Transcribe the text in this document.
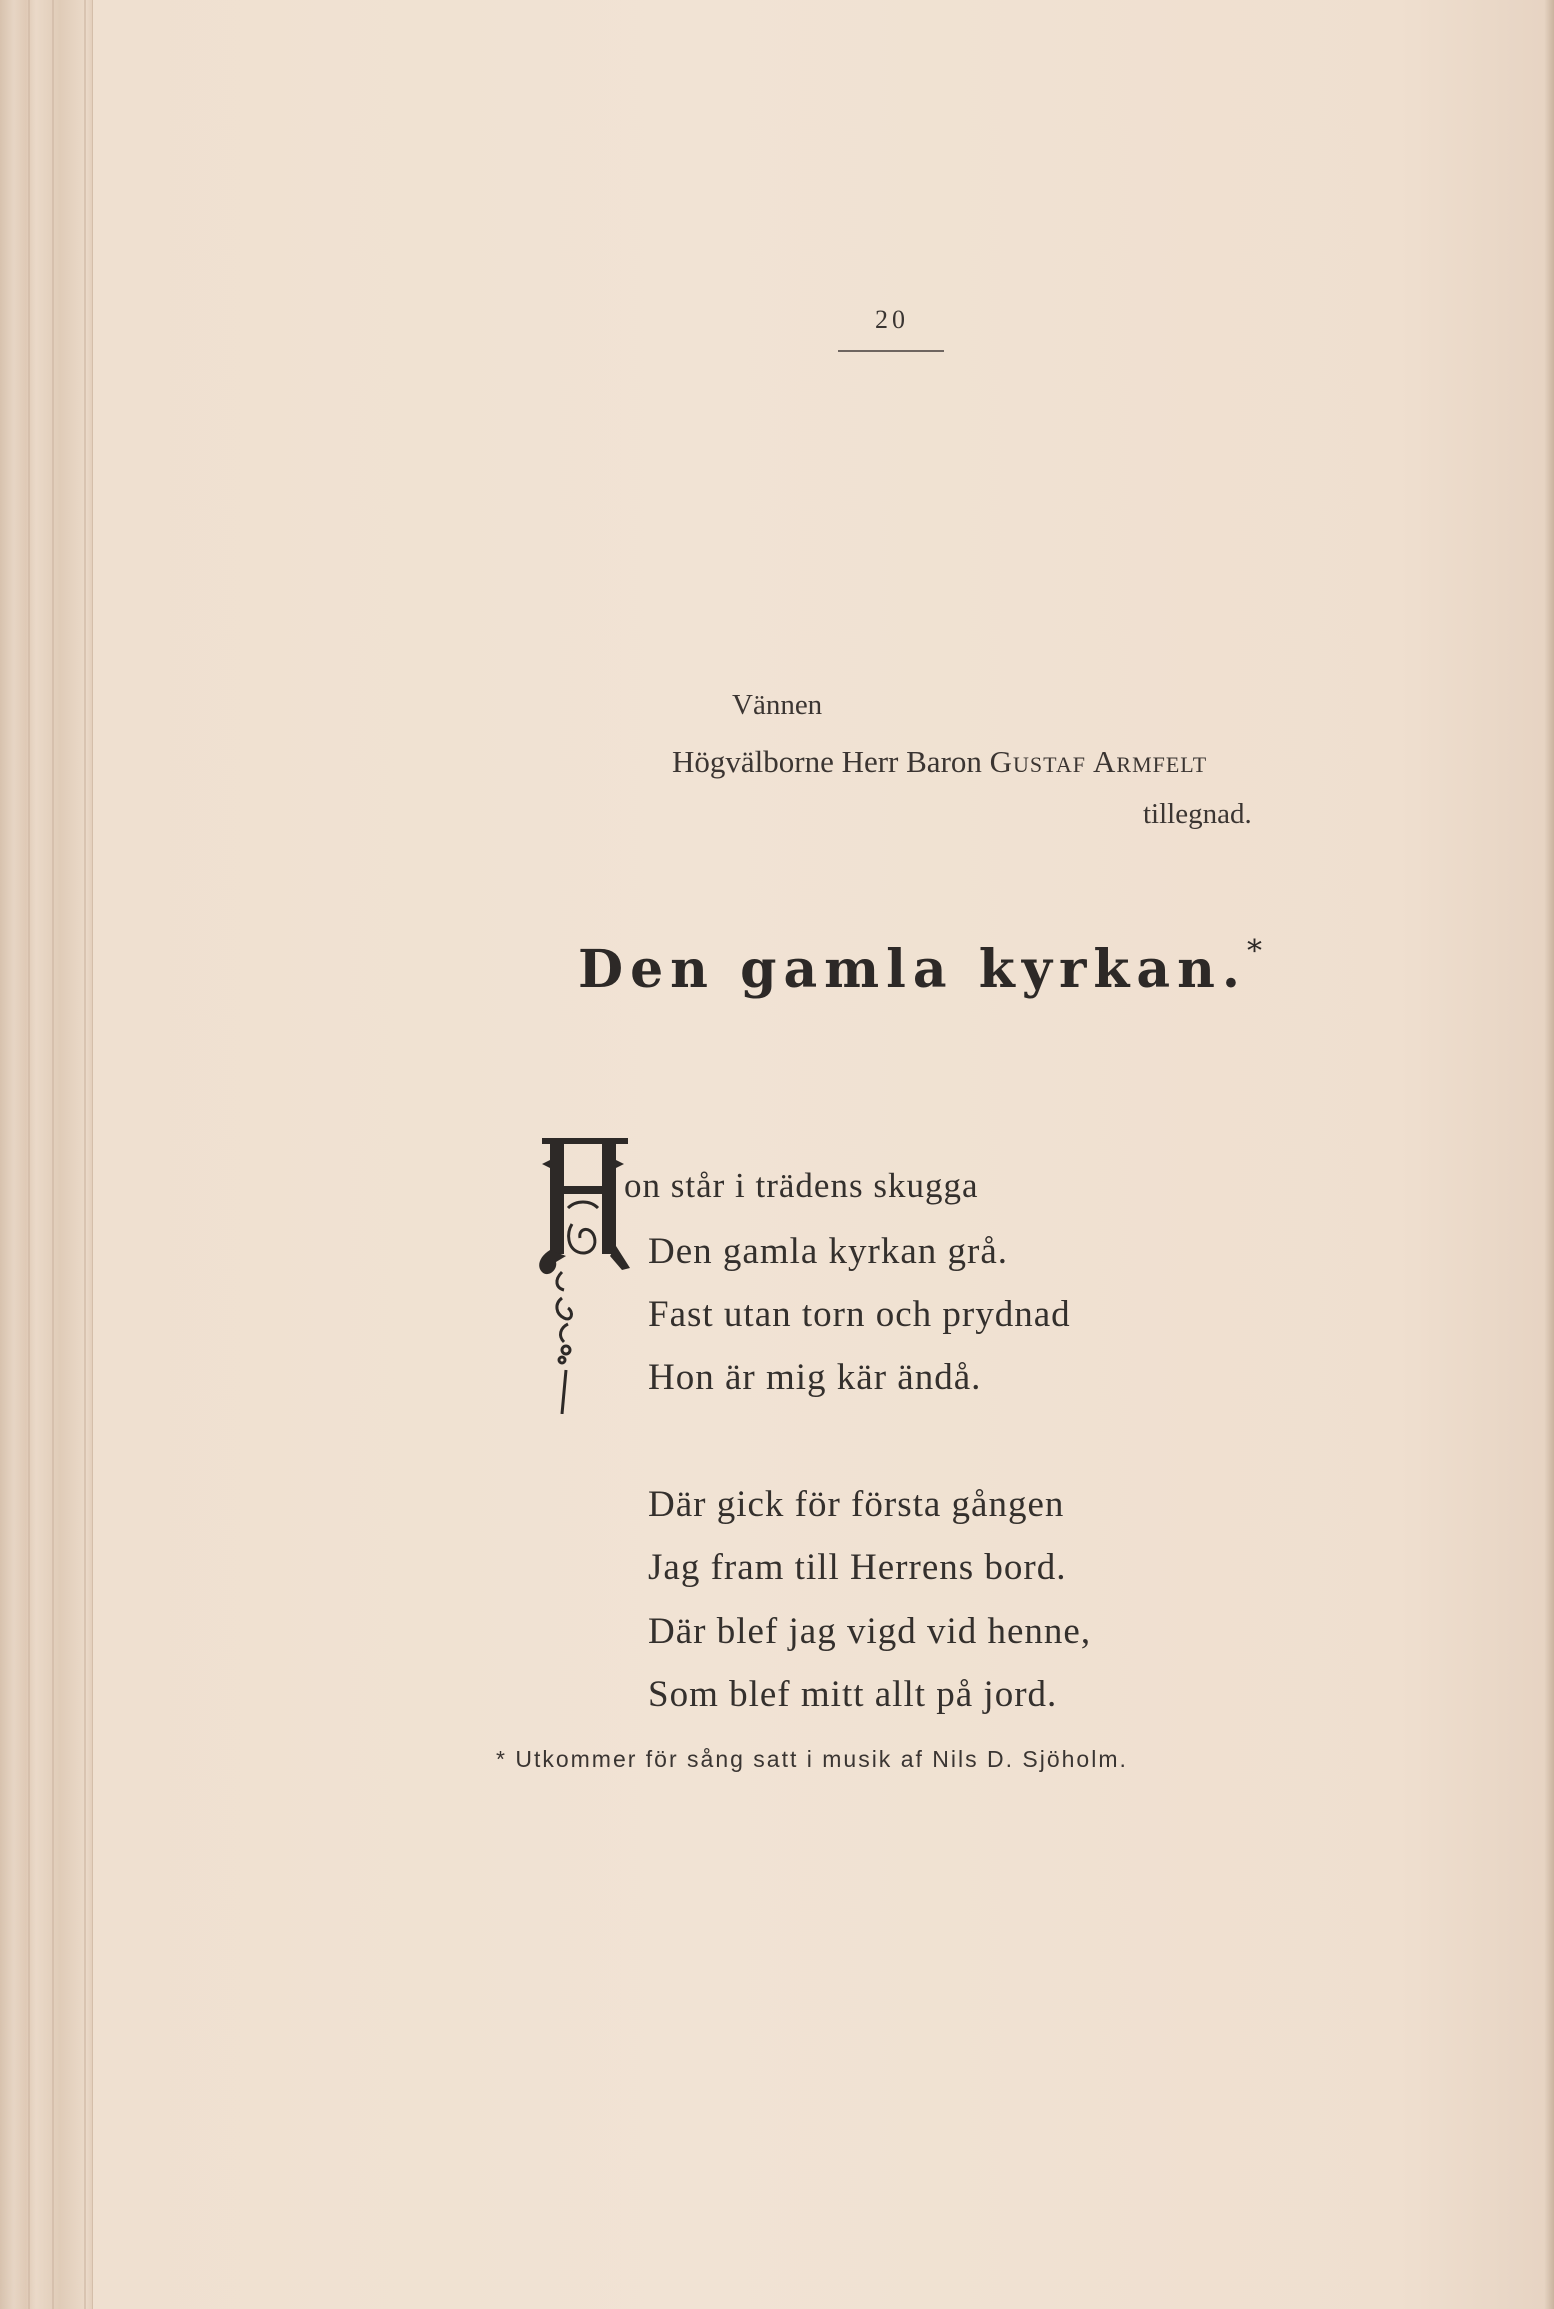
20
Vännen
Högvälborne Herr Baron Gustaf Armfelt
tillegnad.
Den gamla kyrkan.*
on står i trädens skugga
Den gamla kyrkan grå.
Fast utan torn och prydnad
Hon är mig kär ändå.
Där gick för första gången
Jag fram till Herrens bord.
Där blef jag vigd vid henne,
Som blef mitt allt på jord.
* Utkommer för sång satt i musik af Nils D. Sjöholm.
